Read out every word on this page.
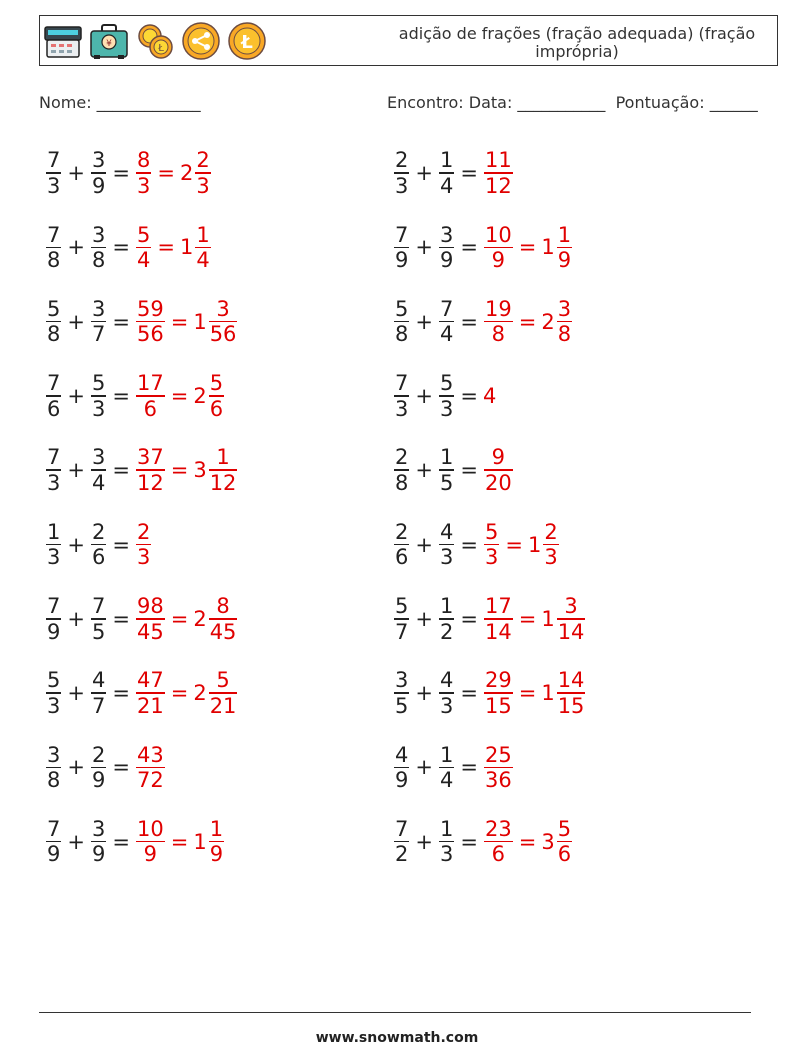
¥	Ł	Ł	adição de frações (fração adequada) (fração imprópria)
Nome: _____________	Encontro: Data: ___________  Pontuação: ______
$\frac{7}{3} + \frac{3}{9} = \frac{8}{3} = 2 \frac{2}{3}$	$\frac{2}{3} + \frac{1}{4} = \frac{11}{12}$
$\frac{7}{8} + \frac{3}{8} = \frac{5}{4} = 1 \frac{1}{4}$	$\frac{7}{9} + \frac{3}{9} = \frac{10}{9} = 1 \frac{1}{9}$
$\frac{5}{8} + \frac{3}{7} = \frac{59}{56} = 1 \frac{3}{56}$	$\frac{5}{8} + \frac{7}{4} = \frac{19}{8} = 2 \frac{3}{8}$
$\frac{7}{6} + \frac{5}{3} = \frac{17}{6} = 2 \frac{5}{6}$	$\frac{7}{3} + \frac{5}{3} = 4$
$\frac{7}{3} + \frac{3}{4} = \frac{37}{12} = 3 \frac{1}{12}$	$\frac{2}{8} + \frac{1}{5} = \frac{9}{20}$
$\frac{1}{3} + \frac{2}{6} = \frac{2}{3}$	$\frac{2}{6} + \frac{4}{3} = \frac{5}{3} = 1 \frac{2}{3}$
$\frac{7}{9} + \frac{7}{5} = \frac{98}{45} = 2 \frac{8}{45}$	$\frac{5}{7} + \frac{1}{2} = \frac{17}{14} = 1 \frac{3}{14}$
$\frac{5}{3} + \frac{4}{7} = \frac{47}{21} = 2 \frac{5}{21}$	$\frac{3}{5} + \frac{4}{3} = \frac{29}{15} = 1 \frac{14}{15}$
$\frac{3}{8} + \frac{2}{9} = \frac{43}{72}$	$\frac{4}{9} + \frac{1}{4} = \frac{25}{36}$
$\frac{7}{9} + \frac{3}{9} = \frac{10}{9} = 1 \frac{1}{9}$	$\frac{7}{2} + \frac{1}{3} = \frac{23}{6} = 3 \frac{5}{6}$
www.snowmath.com
